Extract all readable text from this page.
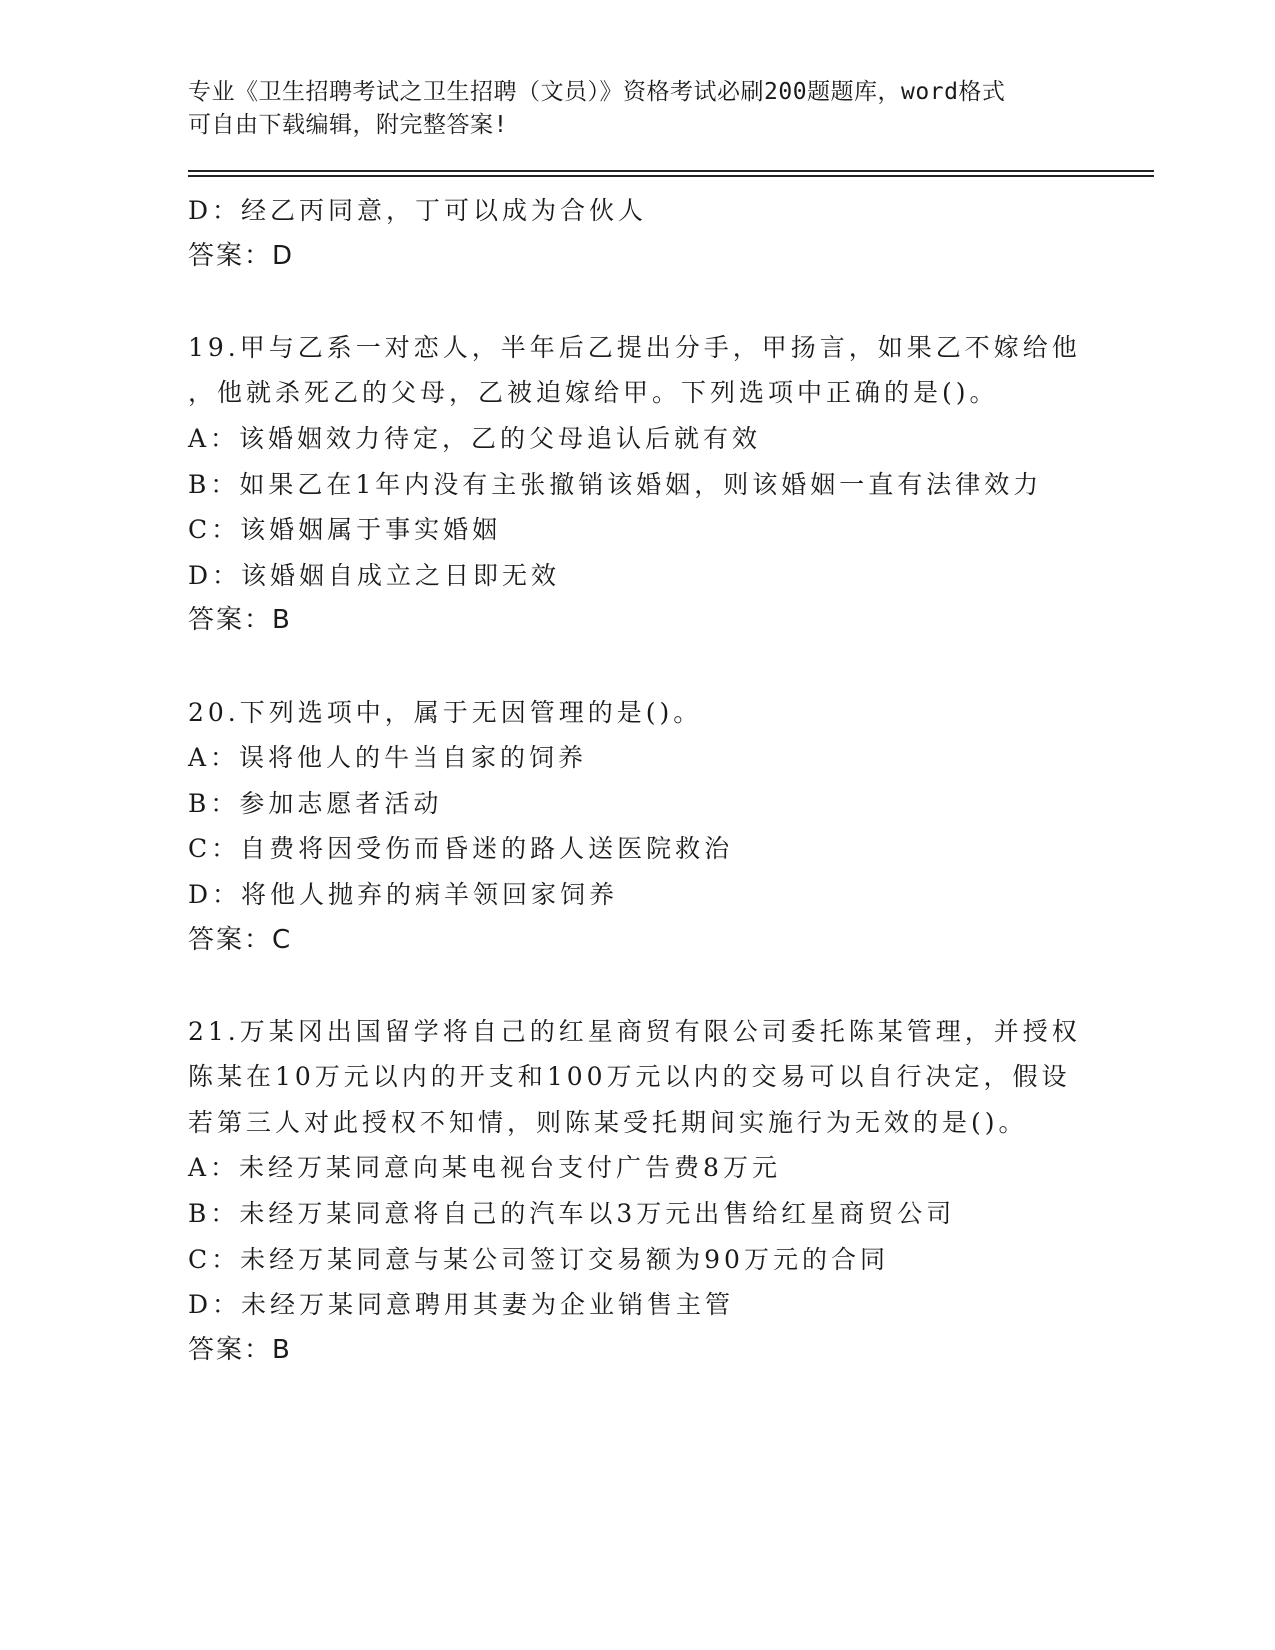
专业《卫生招聘考试之卫生招聘（文员）》资格考试必刷200题题库，word格式
可自由下载编辑，附完整答案!
D：经乙丙同意，丁可以成为合伙人
答案：D
19.甲与乙系一对恋人，半年后乙提出分手，甲扬言，如果乙不嫁给他
，他就杀死乙的父母，乙被迫嫁给甲。下列选项中正确的是()。
A：该婚姻效力待定，乙的父母追认后就有效
B：如果乙在1年内没有主张撤销该婚姻，则该婚姻一直有法律效力
C：该婚姻属于事实婚姻
D：该婚姻自成立之日即无效
答案：B
20.下列选项中，属于无因管理的是()。
A：误将他人的牛当自家的饲养
B：参加志愿者活动
C：自费将因受伤而昏迷的路人送医院救治
D：将他人抛弃的病羊领回家饲养
答案：C
21.万某冈出国留学将自己的红星商贸有限公司委托陈某管理，并授权
陈某在10万元以内的开支和100万元以内的交易可以自行决定，假设
若第三人对此授权不知情，则陈某受托期间实施行为无效的是()。
A：未经万某同意向某电视台支付广告费8万元
B：未经万某同意将自己的汽车以3万元出售给红星商贸公司
C：未经万某同意与某公司签订交易额为90万元的合同
D：未经万某同意聘用其妻为企业销售主管
答案：B
